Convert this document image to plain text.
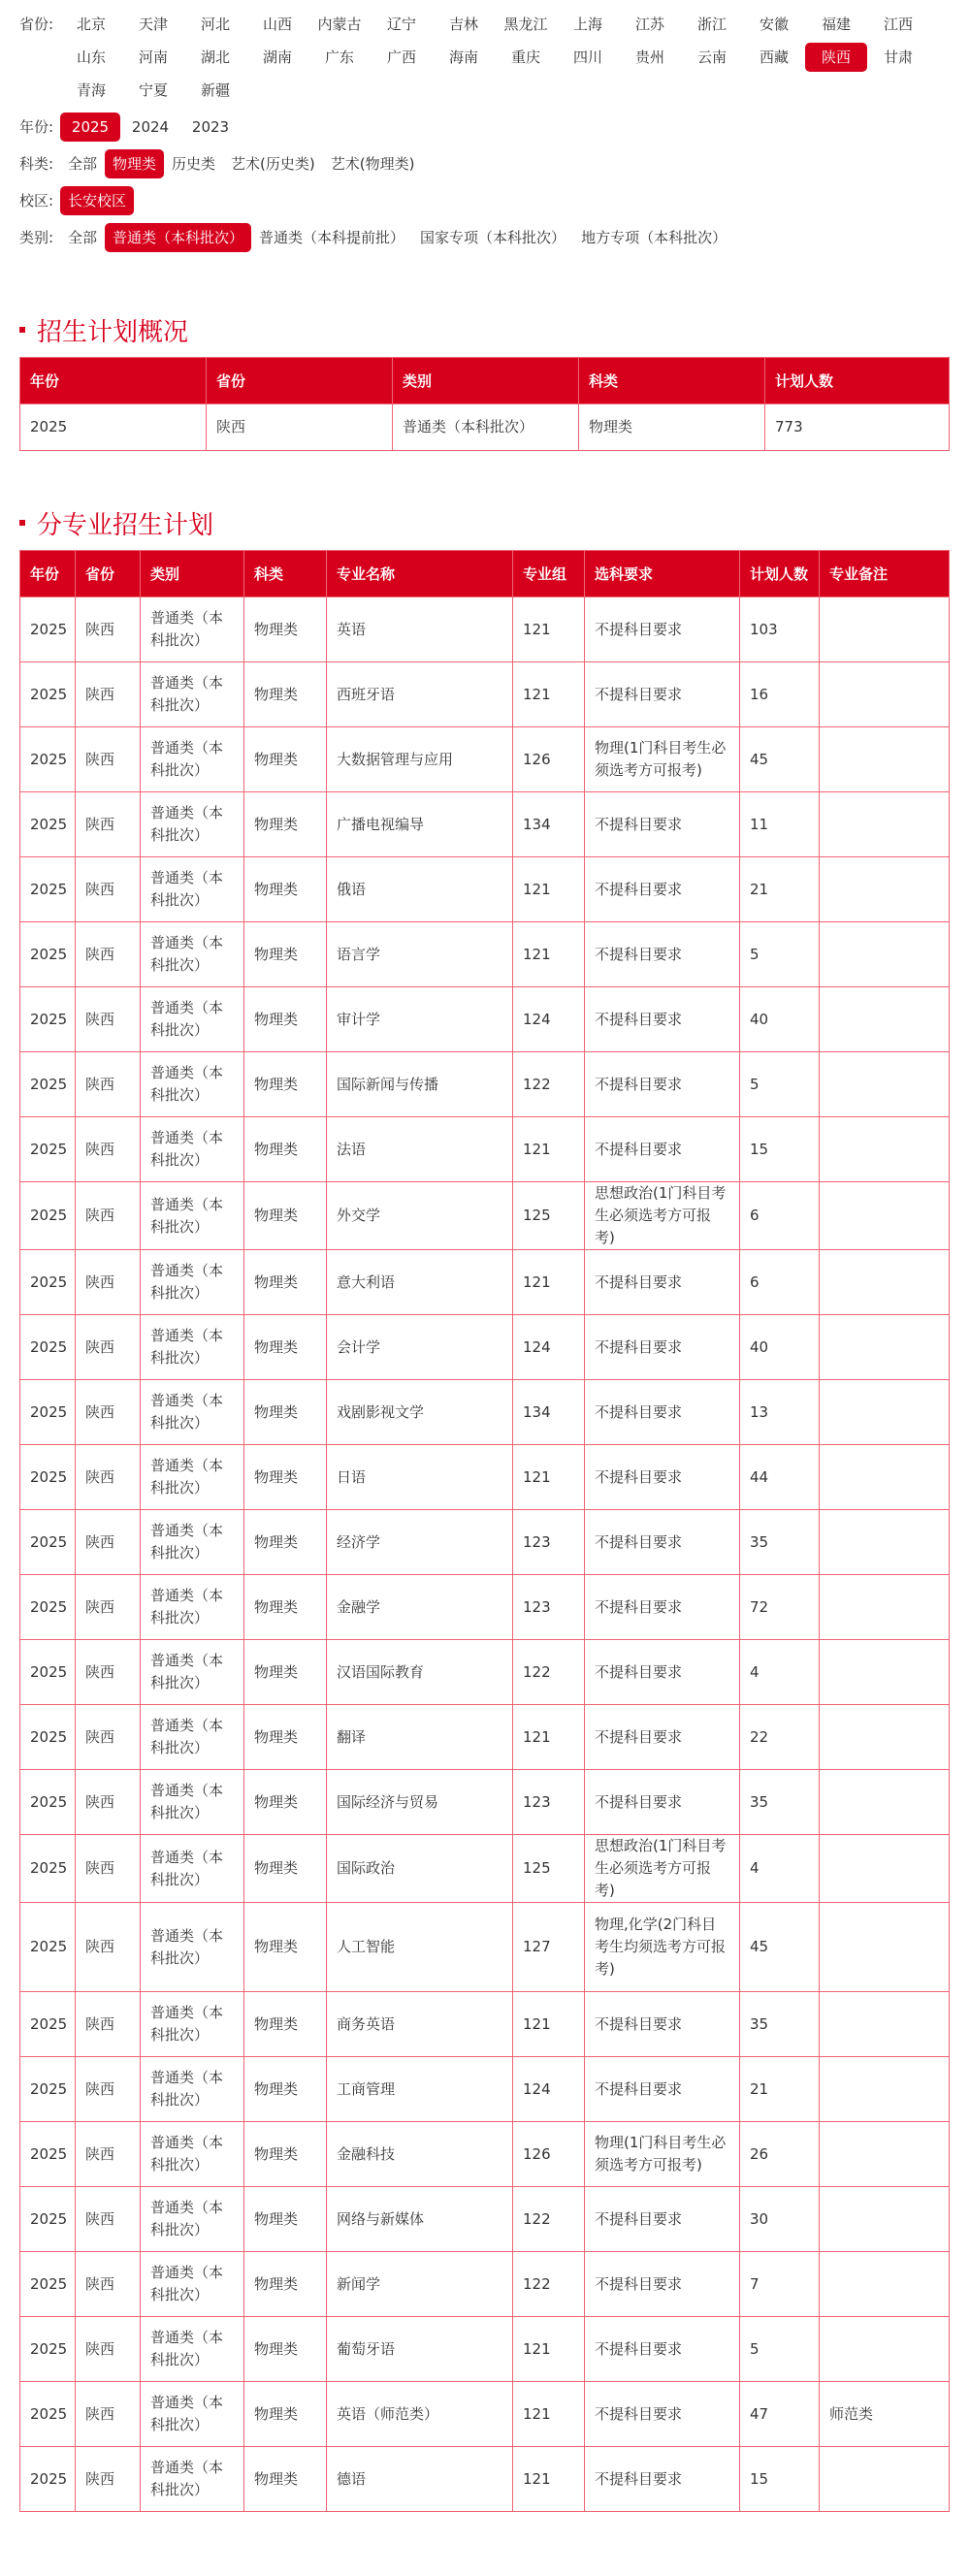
省份:	北京	天津	河北	山西	内蒙古	辽宁	吉林	黑龙江	上海	江苏	浙江	安徽	福建	江西
山东	河南	湖北	湖南	广东	广西	海南	重庆	四川	贵州	云南	西藏	陕西	甘肃
青海	宁夏	新疆
年份:	2025	2024	2023
科类: 全部	物理类	历史类	艺术(历史类)	艺术(物理类)
校区: 长安校区
类别: 全部	普通类（本科批次）	普通类（本科提前批）	国家专项（本科批次）	地方专项（本科批次）
招生计划概况
年份	省份	类别	科类	计划人数
2025	陕西	普通类（本科批次）	物理类	773
分专业招生计划
年份	省份	类别	科类	专业名称	专业组	选科要求	计划人数	专业备注
2025	陕西	普通类（本科批次）	物理类	英语	121	不提科目要求	103	
2025	陕西	普通类（本科批次）	物理类	西班牙语	121	不提科目要求	16	
2025	陕西	普通类（本科批次）	物理类	大数据管理与应用	126	物理(1门科目考生必须选考方可报考)	45	
2025	陕西	普通类（本科批次）	物理类	广播电视编导	134	不提科目要求	11	
2025	陕西	普通类（本科批次）	物理类	俄语	121	不提科目要求	21	
2025	陕西	普通类（本科批次）	物理类	语言学	121	不提科目要求	5	
2025	陕西	普通类（本科批次）	物理类	审计学	124	不提科目要求	40	
2025	陕西	普通类（本科批次）	物理类	国际新闻与传播	122	不提科目要求	5	
2025	陕西	普通类（本科批次）	物理类	法语	121	不提科目要求	15	
2025	陕西	普通类（本科批次）	物理类	外交学	125	思想政治(1门科目考生必须选考方可报考)	6	
2025	陕西	普通类（本科批次）	物理类	意大利语	121	不提科目要求	6	
2025	陕西	普通类（本科批次）	物理类	会计学	124	不提科目要求	40	
2025	陕西	普通类（本科批次）	物理类	戏剧影视文学	134	不提科目要求	13	
2025	陕西	普通类（本科批次）	物理类	日语	121	不提科目要求	44	
2025	陕西	普通类（本科批次）	物理类	经济学	123	不提科目要求	35	
2025	陕西	普通类（本科批次）	物理类	金融学	123	不提科目要求	72	
2025	陕西	普通类（本科批次）	物理类	汉语国际教育	122	不提科目要求	4	
2025	陕西	普通类（本科批次）	物理类	翻译	121	不提科目要求	22	
2025	陕西	普通类（本科批次）	物理类	国际经济与贸易	123	不提科目要求	35	
2025	陕西	普通类（本科批次）	物理类	国际政治	125	思想政治(1门科目考生必须选考方可报考)	4	
2025	陕西	普通类（本科批次）	物理类	人工智能	127	物理,化学(2门科目考生均须选考方可报考)	45	
2025	陕西	普通类（本科批次）	物理类	商务英语	121	不提科目要求	35	
2025	陕西	普通类（本科批次）	物理类	工商管理	124	不提科目要求	21	
2025	陕西	普通类（本科批次）	物理类	金融科技	126	物理(1门科目考生必须选考方可报考)	26	
2025	陕西	普通类（本科批次）	物理类	网络与新媒体	122	不提科目要求	30	
2025	陕西	普通类（本科批次）	物理类	新闻学	122	不提科目要求	7	
2025	陕西	普通类（本科批次）	物理类	葡萄牙语	121	不提科目要求	5	
2025	陕西	普通类（本科批次）	物理类	英语（师范类）	121	不提科目要求	47	师范类
2025	陕西	普通类（本科批次）	物理类	德语	121	不提科目要求	15	
